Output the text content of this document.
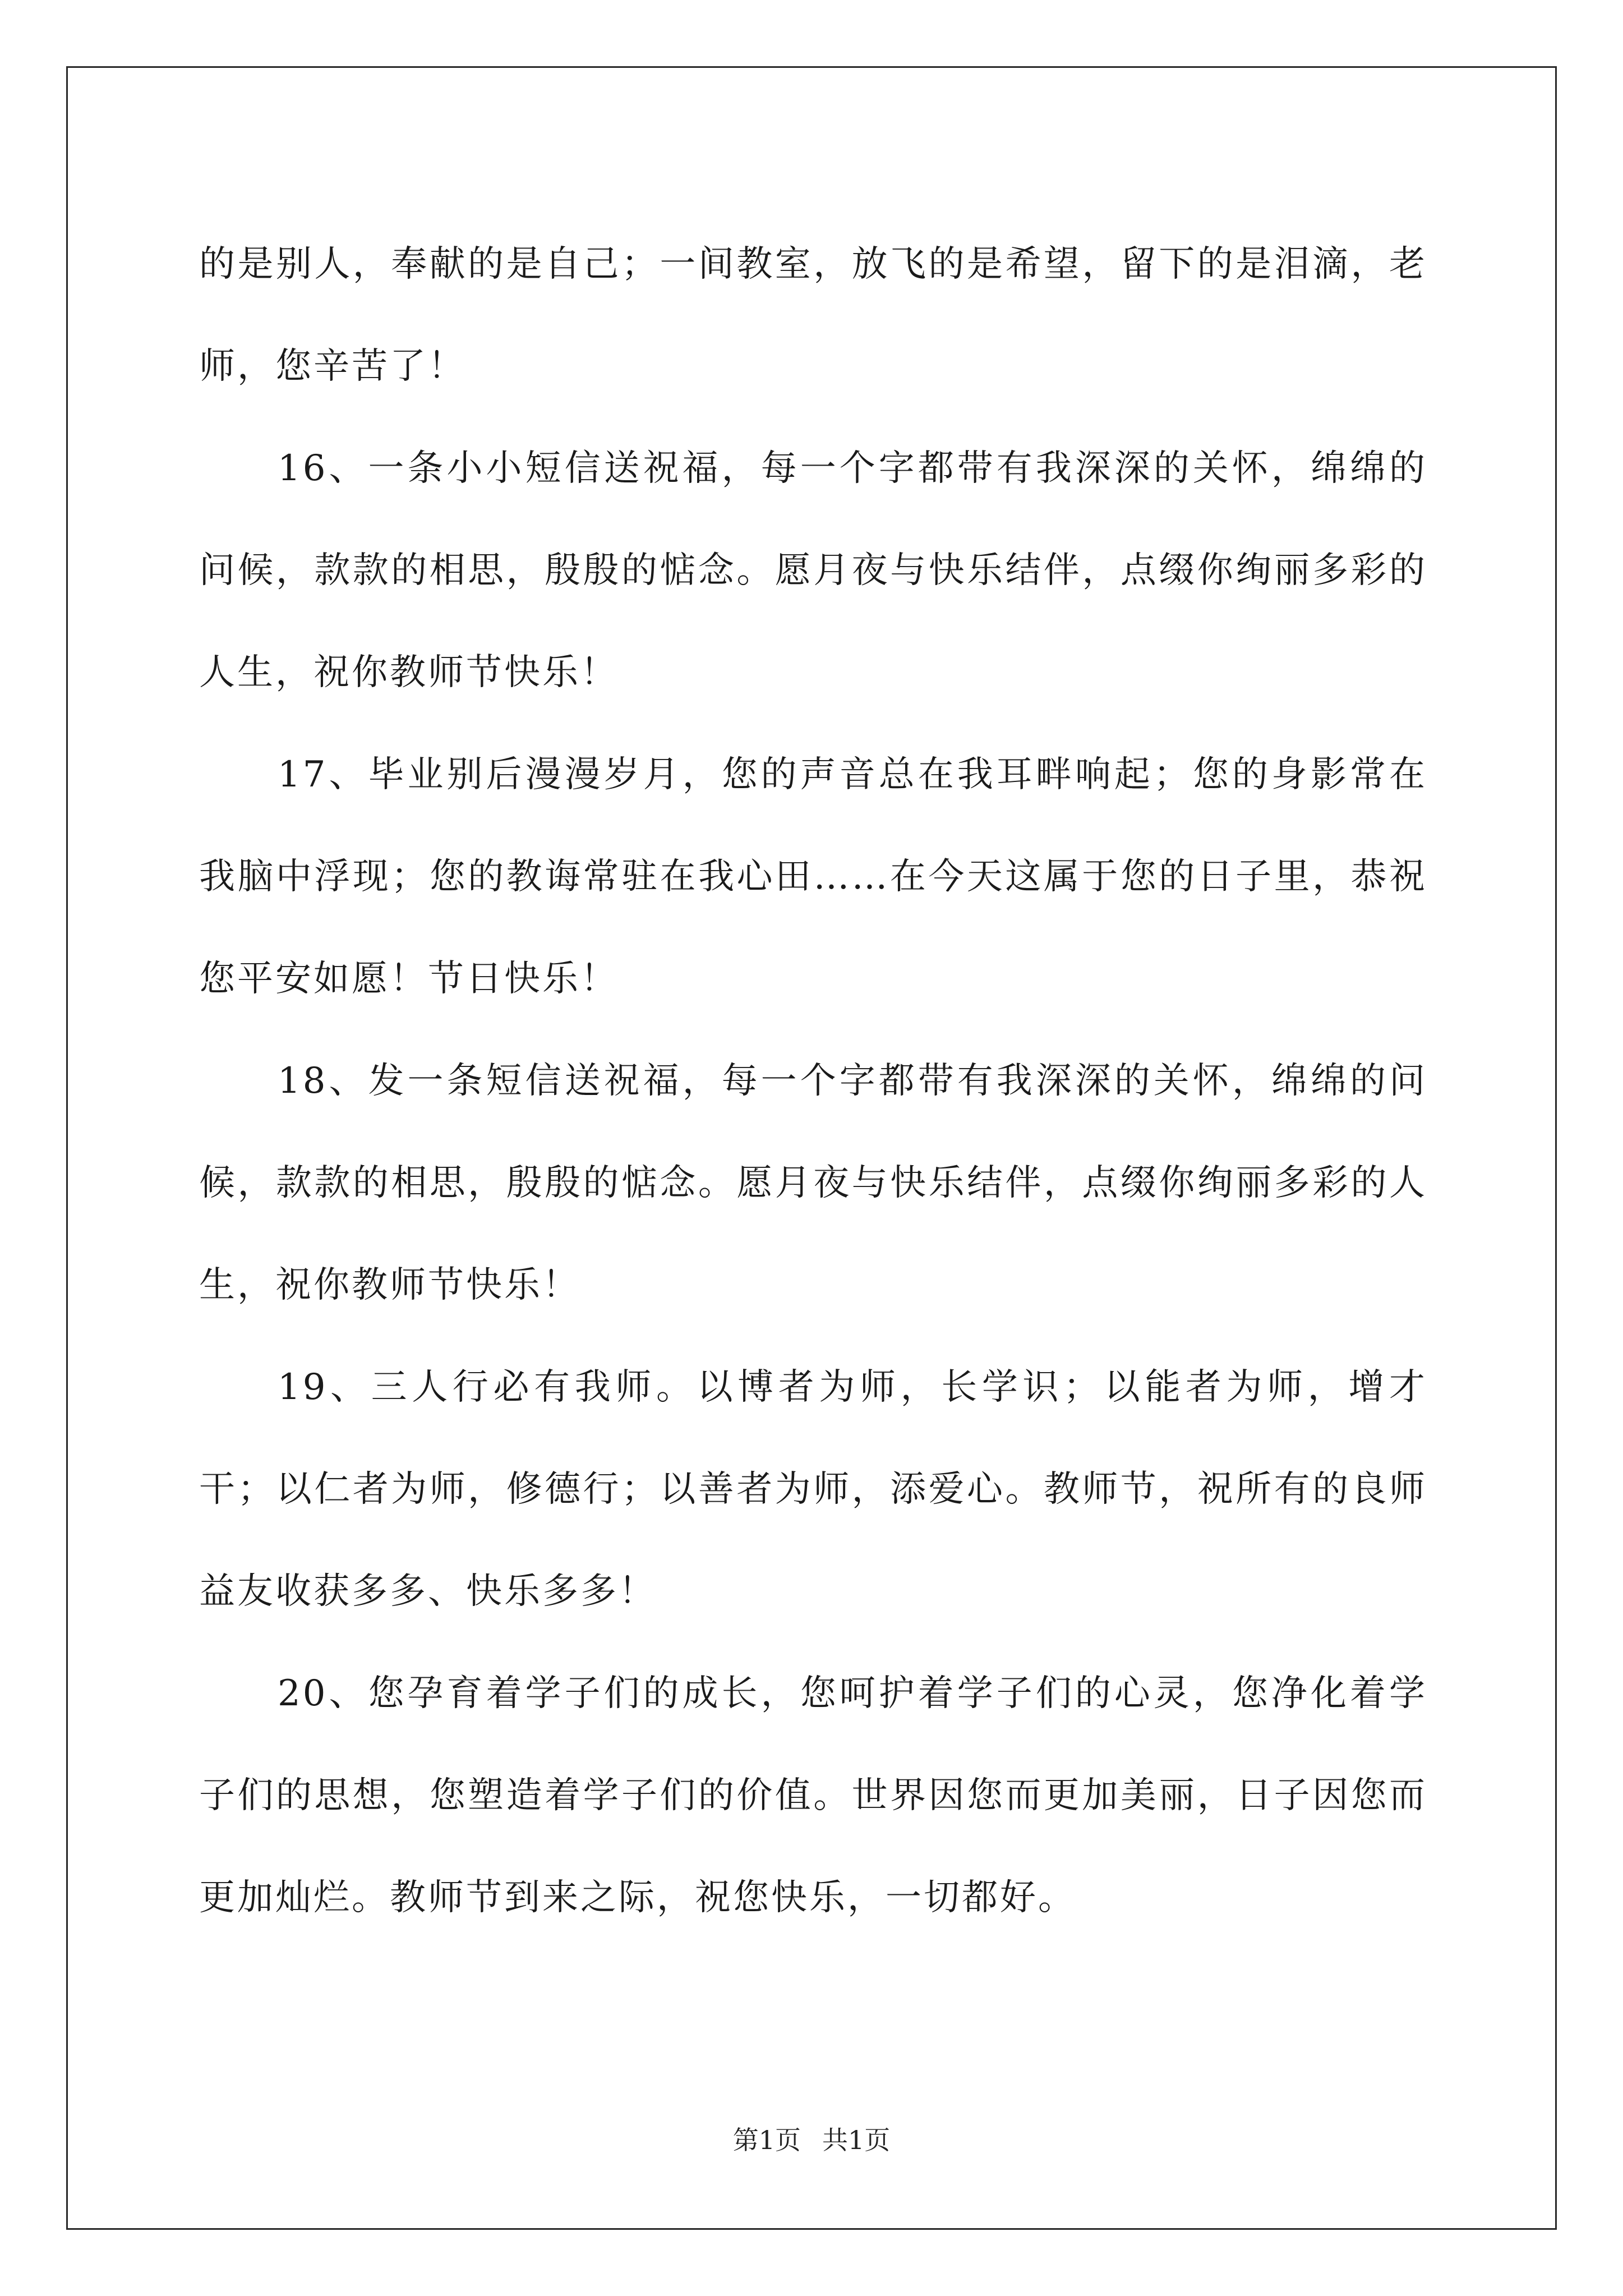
的是别人，奉献的是自己；一间教室，放飞的是希望，留下的是泪滴，老师，您辛苦了！

16、一条小小短信送祝福，每一个字都带有我深深的关怀，绵绵的问候，款款的相思，殷殷的惦念。愿月夜与快乐结伴，点缀你绚丽多彩的人生，祝你教师节快乐！

17、毕业别后漫漫岁月，您的声音总在我耳畔响起；您的身影常在我脑中浮现；您的教诲常驻在我心田……在今天这属于您的日子里，恭祝您平安如愿！节日快乐！

18、发一条短信送祝福，每一个字都带有我深深的关怀，绵绵的问候，款款的相思，殷殷的惦念。愿月夜与快乐结伴，点缀你绚丽多彩的人生，祝你教师节快乐！

19、三人行必有我师。以博者为师，长学识；以能者为师，增才干；以仁者为师，修德行；以善者为师，添爱心。教师节，祝所有的良师益友收获多多、快乐多多！

20、您孕育着学子们的成长，您呵护着学子们的心灵，您净化着学子们的思想，您塑造着学子们的价值。世界因您而更加美丽，日子因您而更加灿烂。教师节到来之际，祝您快乐，一切都好。

第1页 共1页
